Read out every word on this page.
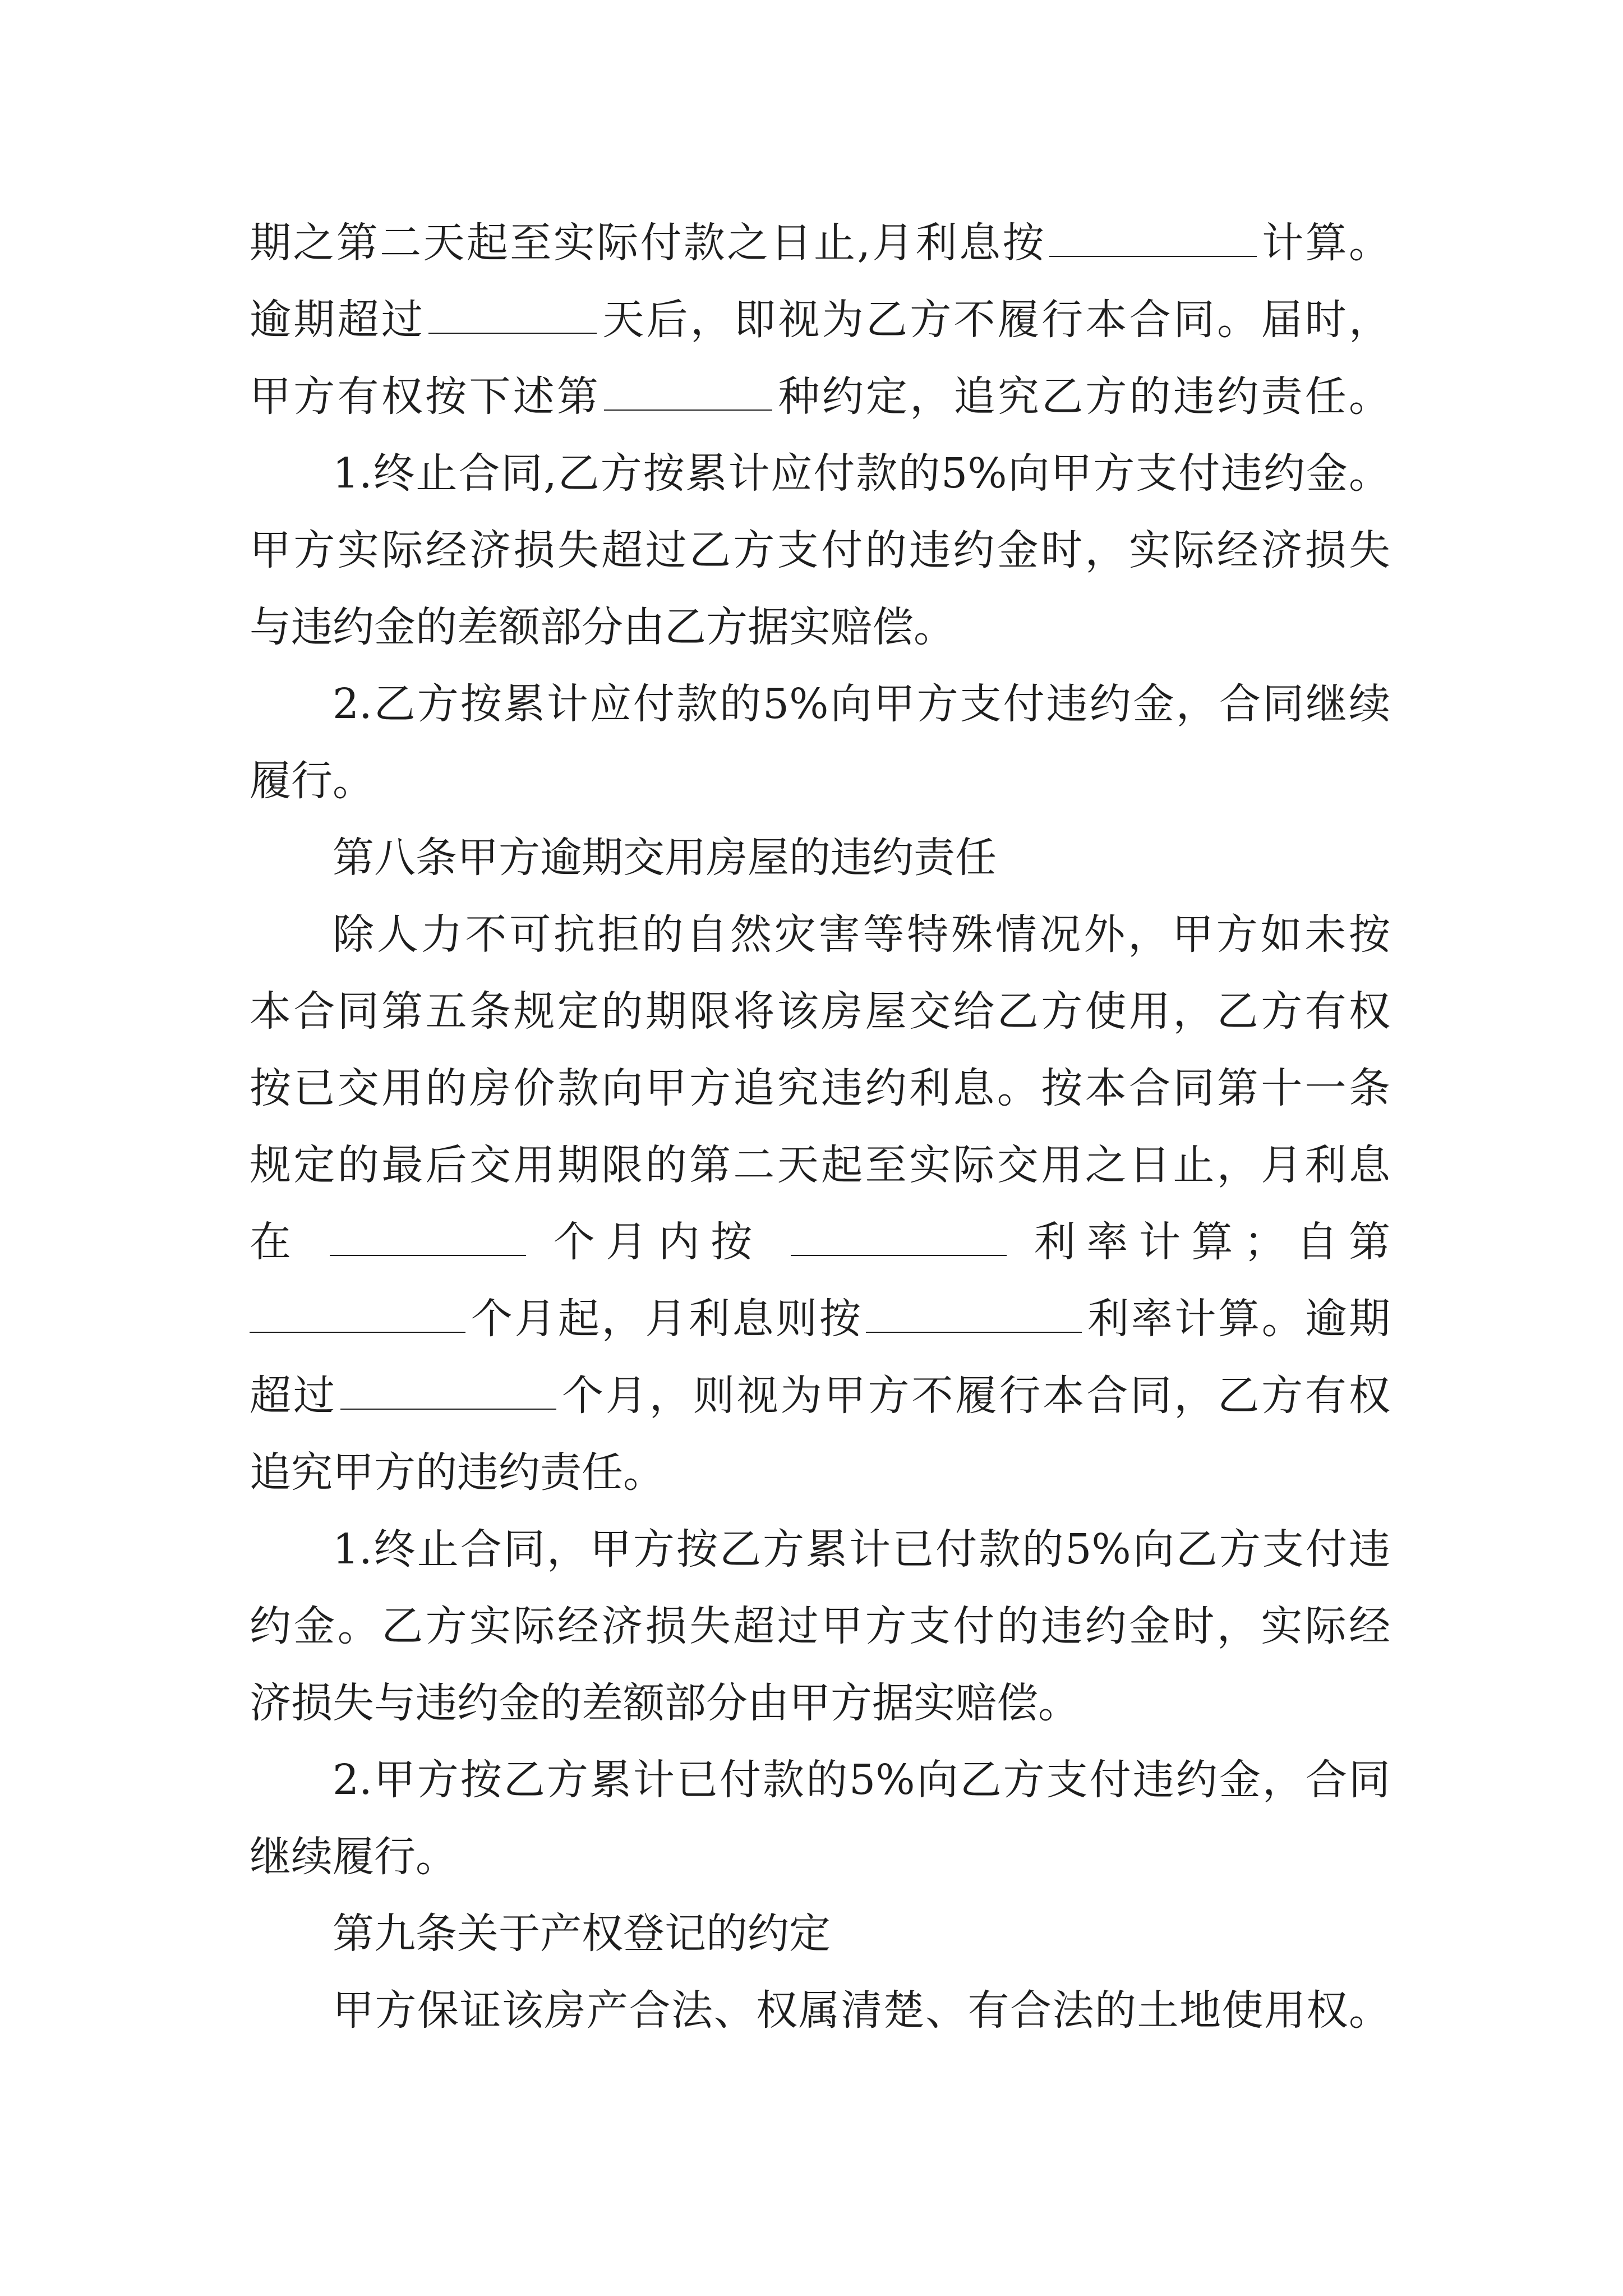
期之第二天起至实际付款之日止,月利息按	计算。
逾期超过	天后，即视为乙方不履行本合同。届时，
甲方有权按下述第	种约定，追究乙方的违约责任。
1.终止合同,乙方按累计应付款的5%向甲方支付违约金。
甲方实际经济损失超过乙方支付的违约金时，实际经济损失
与违约金的差额部分由乙方据实赔偿。
2.乙方按累计应付款的5%向甲方支付违约金，合同继续
履行。
第八条甲方逾期交用房屋的违约责任
除人力不可抗拒的自然灾害等特殊情况外，甲方如未按
本合同第五条规定的期限将该房屋交给乙方使用，乙方有权
按已交用的房价款向甲方追究违约利息。按本合同第十一条
规定的最后交用期限的第二天起至实际交用之日止，月利息
在	个月内按	利率计算；自第
个月起，月利息则按	利率计算。逾期
超过	个月，则视为甲方不履行本合同，乙方有权
追究甲方的违约责任。
1.终止合同，甲方按乙方累计已付款的5%向乙方支付违
约金。乙方实际经济损失超过甲方支付的违约金时，实际经
济损失与违约金的差额部分由甲方据实赔偿。
2.甲方按乙方累计已付款的5%向乙方支付违约金，合同
继续履行。
第九条关于产权登记的约定
甲方保证该房产合法、权属清楚、有合法的土地使用权。
